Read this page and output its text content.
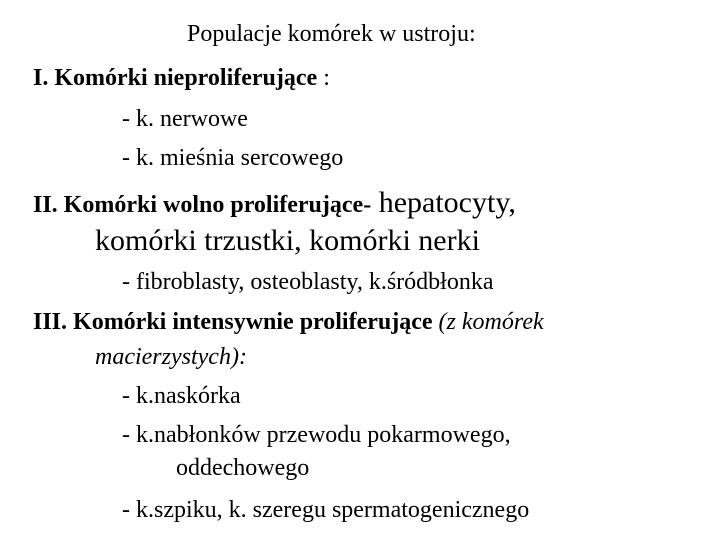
Populacje komórek w ustroju:
I. Komórki nieproliferujące :
- k. nerwowe
- k. mieśnia sercowego
II. Komórki wolno proliferujące- hepatocyty,
komórki trzustki, komórki nerki
- fibroblasty, osteoblasty, k.śródbłonka
III. Komórki intensywnie proliferujące (z komórek
macierzystych):
- k.naskórka
- k.nabłonków przewodu pokarmowego,
oddechowego
- k.szpiku, k. szeregu spermatogenicznego
